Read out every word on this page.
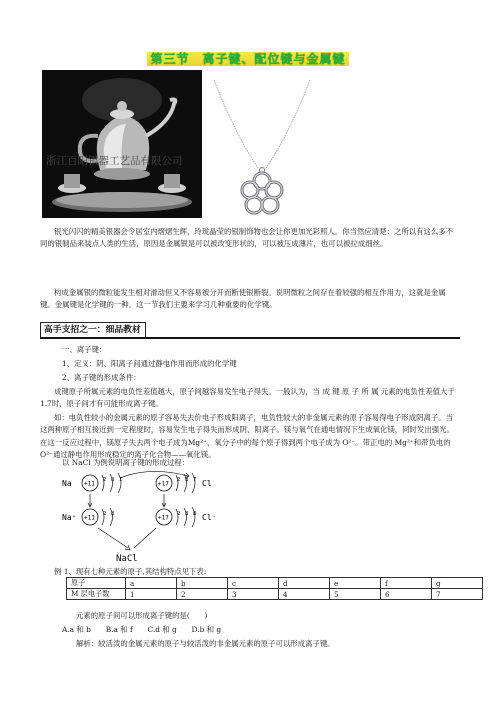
第三节　离子键、配位键与金属键
浙江百阳银器工艺品有限公司

银光闪闪的精美银器会令居室内熠熠生辉，玲珑晶莹的银制饰物也会让你更加光彩照人。你当然应清楚：之所以有这么多不同的银制品来装点人类的生活，原因是金属银是可以被改变形状的，可以被压成薄片，也可以被拉成细丝。

构成金属银的微粒能发生相对滑动但又不容易被分开而断使银断裂。说明微粒之间存在着较强的相互作用力，这就是金属键。金属键是化学键的一种。这一节我们主要来学习几种重要的化学键。

高手支招之一：细品教材
一、离子键：
1、定义：阴、阳离子间通过静电作用而形成的化学键
2、离子键的形成条件：

成键原子所属元素的电负性差值越大，原子间越容易发生电子得失。一般认为，当 成 键 原 子 所 属 元素的电负性差值大于1.7时，原子间才有可能形成离子键。

如：电负性较小的金属元素的原子容易失去价电子形成阳离子，电负性较大的非金属元素的原子容易得电子形成阴离子。当这两种原子相互接近到一定程度时，容易发生电子得失而形成阴、阳离子。镁与氧气在通电情况下生成氧化镁，同时发出强光。在这一反应过程中，镁原子失去两个电子成为Mg²⁺，氧分子中的每个原子得到两个电子成为 O²⁻。带正电的 Mg²⁺和带负电的 O²⁻通过静电作用形成稳定的离子化合物——氧化镁。

以 NaCl 为例说明离子键的形成过程：
Na +11
2 8 1
+17
2 8 7 Cl
Na⁺ +11
2 8
+17
2 8 8 Cl⁻
NaCl
例 1、现有七种元素的原子,其结构特点见下表:
原子	a	b	c	d	e	f	g
M 层电子数	1	2	3	4	5	6	7
元素的原子间可以形成离子键的是(　　)
A.a 和 b　　B.a 和 f　　C.d 和 g　　D.b 和 g
解析：较活泼的金属元素的原子与较活泼的非金属元素的原子可以形成离子键。
